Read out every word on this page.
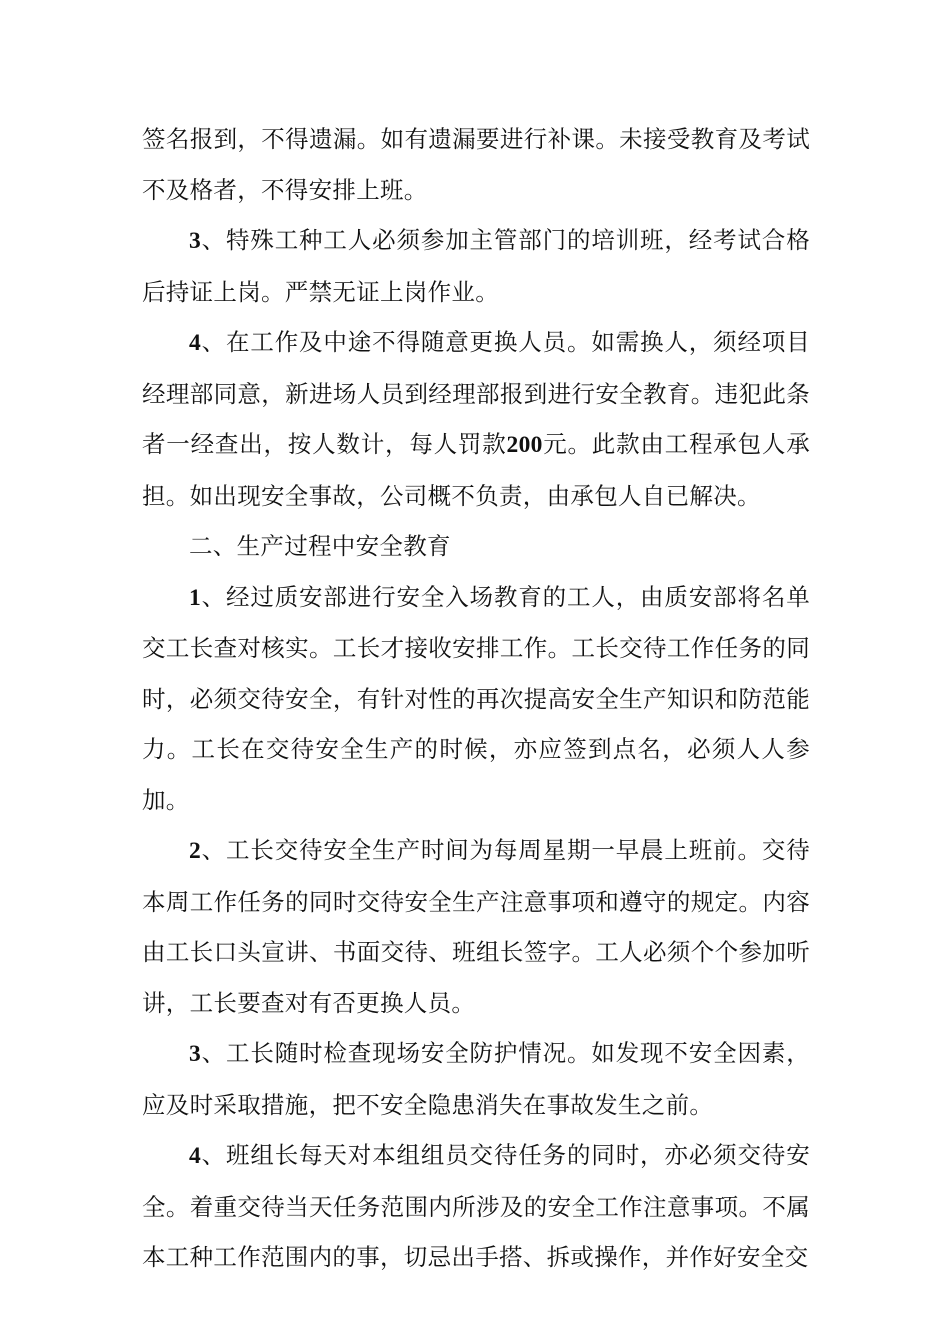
签名报到，不得遗漏。如有遗漏要进行补课。未接受教育及考试不及格者，不得安排上班。

3、特殊工种工人必须参加主管部门的培训班，经考试合格后持证上岗。严禁无证上岗作业。

4、在工作及中途不得随意更换人员。如需换人，须经项目经理部同意，新进场人员到经理部报到进行安全教育。违犯此条者一经查出，按人数计，每人罚款200元。此款由工程承包人承担。如出现安全事故，公司概不负责，由承包人自已解决。

二、生产过程中安全教育

1、经过质安部进行安全入场教育的工人，由质安部将名单交工长查对核实。工长才接收安排工作。工长交待工作任务的同时，必须交待安全，有针对性的再次提高安全生产知识和防范能力。工长在交待安全生产的时候，亦应签到点名，必须人人参加。

2、工长交待安全生产时间为每周星期一早晨上班前。交待本周工作任务的同时交待安全生产注意事项和遵守的规定。内容由工长口头宣讲、书面交待、班组长签字。工人必须个个参加听讲，工长要查对有否更换人员。

3、工长随时检查现场安全防护情况。如发现不安全因素，应及时采取措施，把不安全隐患消失在事故发生之前。

4、班组长每天对本组组员交待任务的同时，亦必须交待安全。着重交待当天任务范围内所涉及的安全工作注意事项。不属本工种工作范围内的事，切忌出手搭、拆或操作，并作好安全交
